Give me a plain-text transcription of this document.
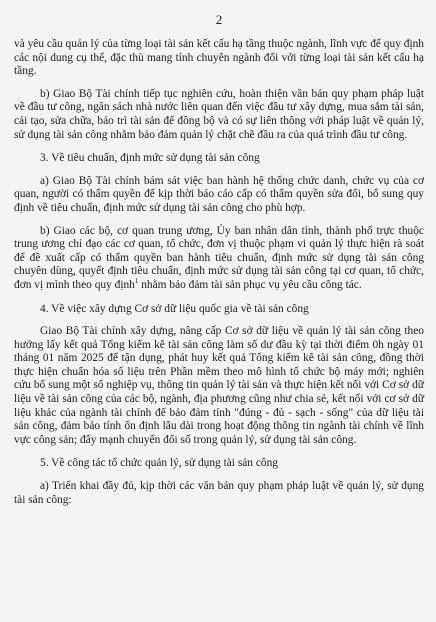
2

và yêu cầu quản lý của từng loại tài sản kết cấu hạ tầng thuộc ngành, lĩnh vực để quy định các nội dung cụ thể, đặc thù mang tính chuyên ngành đối với từng loại tài sản kết cấu hạ tầng.

b) Giao Bộ Tài chính tiếp tục nghiên cứu, hoàn thiện văn bản quy phạm pháp luật về đầu tư công, ngân sách nhà nước liên quan đến việc đầu tư xây dựng, mua sắm tài sản, cải tạo, sửa chữa, bảo trì tài sản để đồng bộ và có sự liên thông với pháp luật về quản lý, sử dụng tài sản công nhằm bảo đảm quản lý chặt chẽ đầu ra của quá trình đầu tư công.

3. Về tiêu chuẩn, định mức sử dụng tài sản công

a) Giao Bộ Tài chính bám sát việc ban hành hệ thống chức danh, chức vụ của cơ quan, người có thẩm quyền để kịp thời báo cáo cấp có thẩm quyền sửa đổi, bổ sung quy định về tiêu chuẩn, định mức sử dụng tài sản công cho phù hợp.

b) Giao các bộ, cơ quan trung ương, Ủy ban nhân dân tỉnh, thành phố trực thuộc trung ương chỉ đạo các cơ quan, tổ chức, đơn vị thuộc phạm vi quản lý thực hiện rà soát để đề xuất cấp có thẩm quyền ban hành tiêu chuẩn, định mức sử dụng tài sản công chuyên dùng, quyết định tiêu chuẩn, định mức sử dụng tài sản công tại cơ quan, tổ chức, đơn vị mình theo quy định$^1$ nhằm bảo đảm tài sản phục vụ yêu cầu công tác.

4. Về việc xây dựng Cơ sở dữ liệu quốc gia về tài sản công

Giao Bộ Tài chính xây dựng, nâng cấp Cơ sở dữ liệu về quản lý tài sản công theo hướng lấy kết quả Tổng kiểm kê tài sản công làm số dư đầu kỳ tại thời điểm 0h ngày 01 tháng 01 năm 2025 để tận dụng, phát huy kết quả Tổng kiểm kê tài sản công, đồng thời thực hiện chuẩn hóa số liệu trên Phần mềm theo mô hình tổ chức bộ máy mới; nghiên cứu bổ sung một số nghiệp vụ, thông tin quản lý tài sản và thực hiện kết nối với Cơ sở dữ liệu về tài sản công của các bộ, ngành, địa phương cũng như chia sẻ, kết nối với cơ sở dữ liệu khác của ngành tài chính để bảo đảm tính "đúng - đủ - sạch - sống" của dữ liệu tài sản công, đảm bảo tính ổn định lâu dài trong hoạt động thông tin ngành tài chính về lĩnh vực công sản; đẩy mạnh chuyển đổi số trong quản lý, sử dụng tài sản công.

5. Về công tác tổ chức quản lý, sử dụng tài sản công

a) Triển khai đầy đủ, kịp thời các văn bản quy phạm pháp luật về quản lý, sử dụng tài sản công:
